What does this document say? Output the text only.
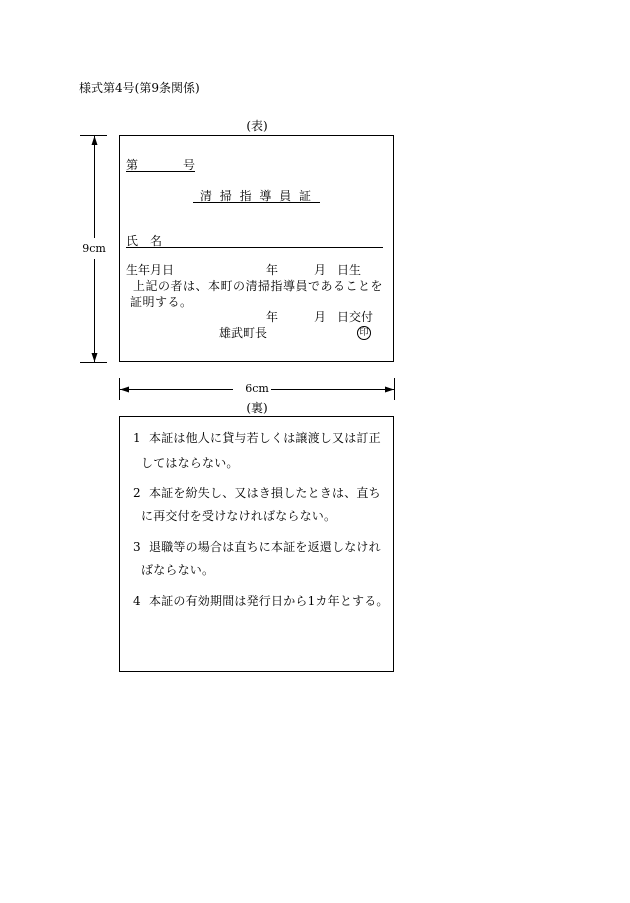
様式第4号(第9条関係)
(表)
第	号
清 掃 指 導 員 証
氏　名
生年月日	年	月 日生
上記の者は、本町の清掃指導員であることを
証明する。
年	月 日交付
雄武町長	印
9cm
6cm
(裏)
1 本証は他人に貸与若しくは譲渡し又は訂正
してはならない。
2 本証を紛失し、又はき損したときは、直ち
に再交付を受けなければならない。
3 退職等の場合は直ちに本証を返還しなけれ
ばならない。
4 本証の有効期間は発行日から1カ年とする。
